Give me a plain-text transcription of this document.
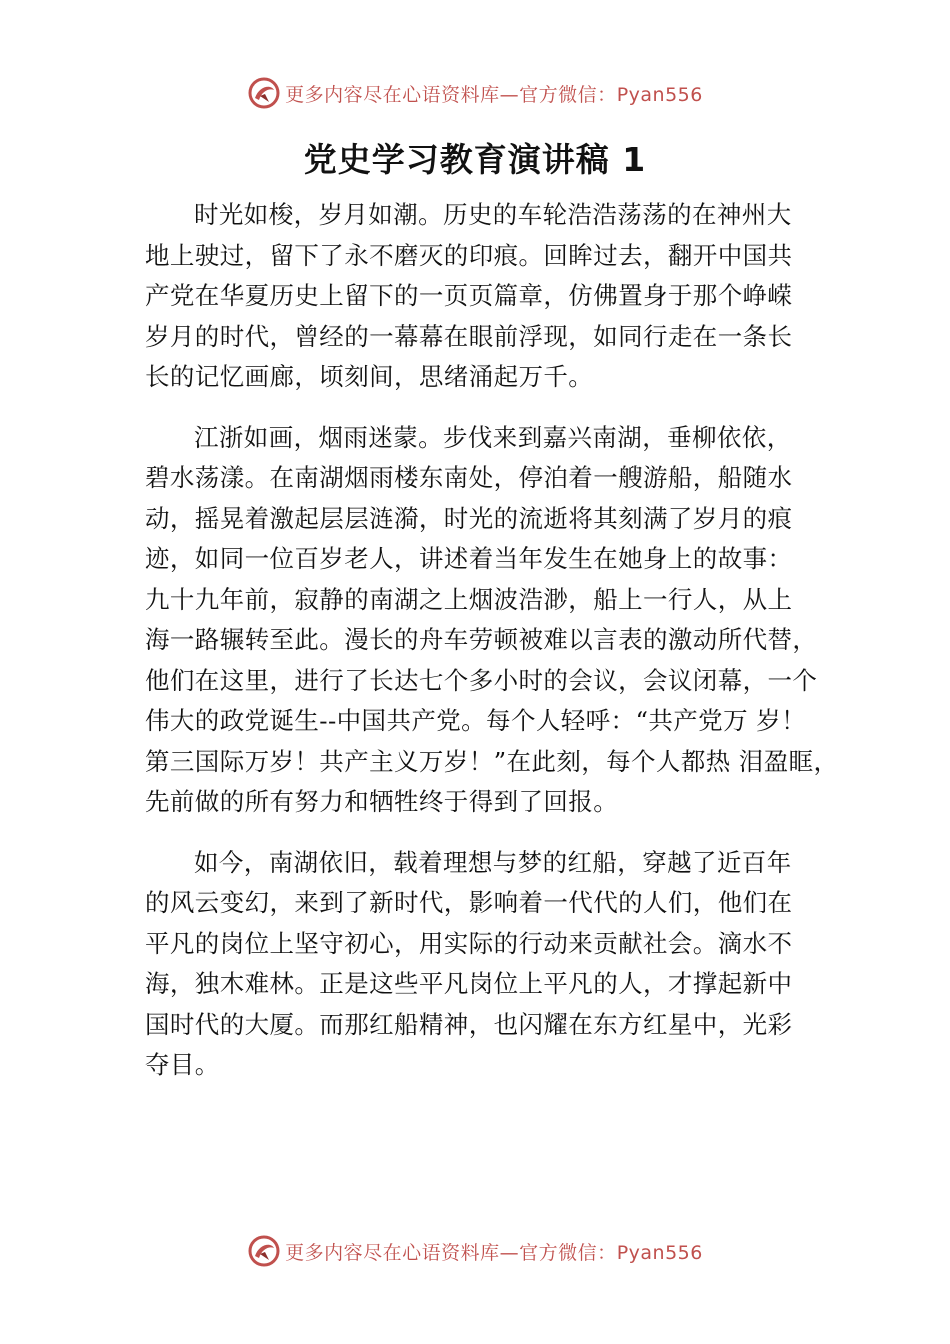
更多内容尽在心语资料库—官方微信：Pyan556
党史学习教育演讲稿 1
时光如梭，岁月如潮。历史的车轮浩浩荡荡的在神州大
地上驶过，留下了永不磨灭的印痕。回眸过去，翻开中国共
产党在华夏历史上留下的一页页篇章，仿佛置身于那个峥嵘
岁月的时代，曾经的一幕幕在眼前浮现，如同行走在一条长
长的记忆画廊，顷刻间，思绪涌起万千。
江浙如画，烟雨迷蒙。步伐来到嘉兴南湖，垂柳依依，
碧水荡漾。在南湖烟雨楼东南处，停泊着一艘游船，船随水
动，摇晃着激起层层涟漪，时光的流逝将其刻满了岁月的痕
迹，如同一位百岁老人，讲述着当年发生在她身上的故事：
九十九年前，寂静的南湖之上烟波浩渺，船上一行人，从上
海一路辗转至此。漫长的舟车劳顿被难以言表的激动所代替，
他们在这里，进行了长达七个多小时的会议，会议闭幕，一个
伟大的政党诞生--中国共产党。每个人轻呼：“共产党万 岁！
第三国际万岁！共产主义万岁！”在此刻，每个人都热 泪盈眶，
先前做的所有努力和牺牲终于得到了回报。
如今，南湖依旧，载着理想与梦的红船，穿越了近百年
的风云变幻，来到了新时代，影响着一代代的人们，他们在
平凡的岗位上坚守初心，用实际的行动来贡献社会。滴水不
海，独木难林。正是这些平凡岗位上平凡的人，才撑起新中
国时代的大厦。而那红船精神，也闪耀在东方红星中，光彩
夺目。
更多内容尽在心语资料库—官方微信：Pyan556
